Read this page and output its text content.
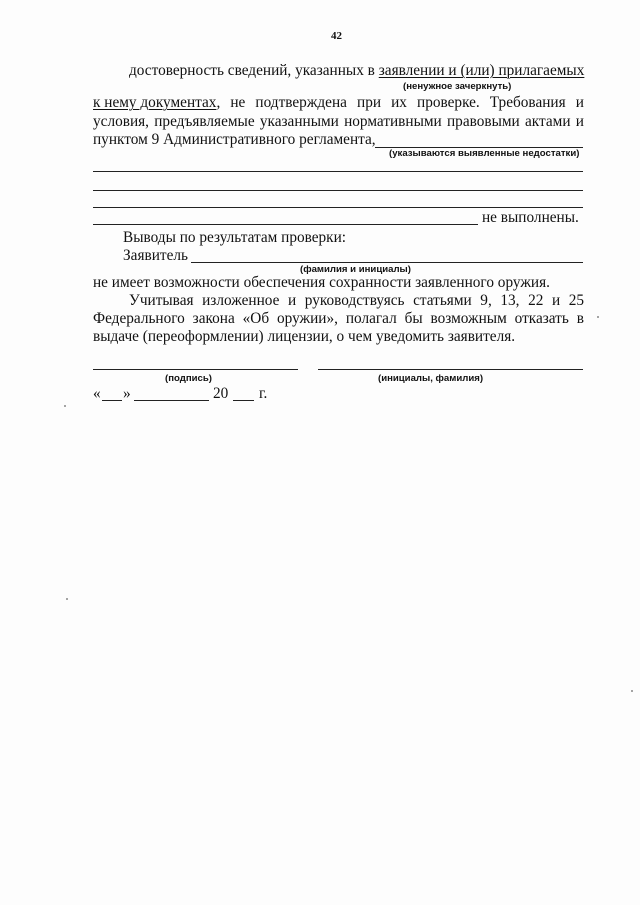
42
достоверность сведений, указанных в заявлении и (или) прилагаемых
(ненужное зачеркнуть)
к нему документах, не подтверждена при их проверке. Требования и
условия, предъявляемые указанными нормативными правовыми актами и
пунктом 9 Административного регламента,
(указываются выявленные недостатки)
не выполнены.
Выводы по результатам проверки:
Заявитель
(фамилия и инициалы)
не имеет возможности обеспечения сохранности заявленного оружия.
Учитывая изложенное и руководствуясь статьями 9, 13, 22 и 25
Федерального закона «Об оружии», полагал бы возможным отказать в
выдаче (переоформлении) лицензии, о чем уведомить заявителя.
(подпись)	(инициалы, фамилия)
« »	20 г.
